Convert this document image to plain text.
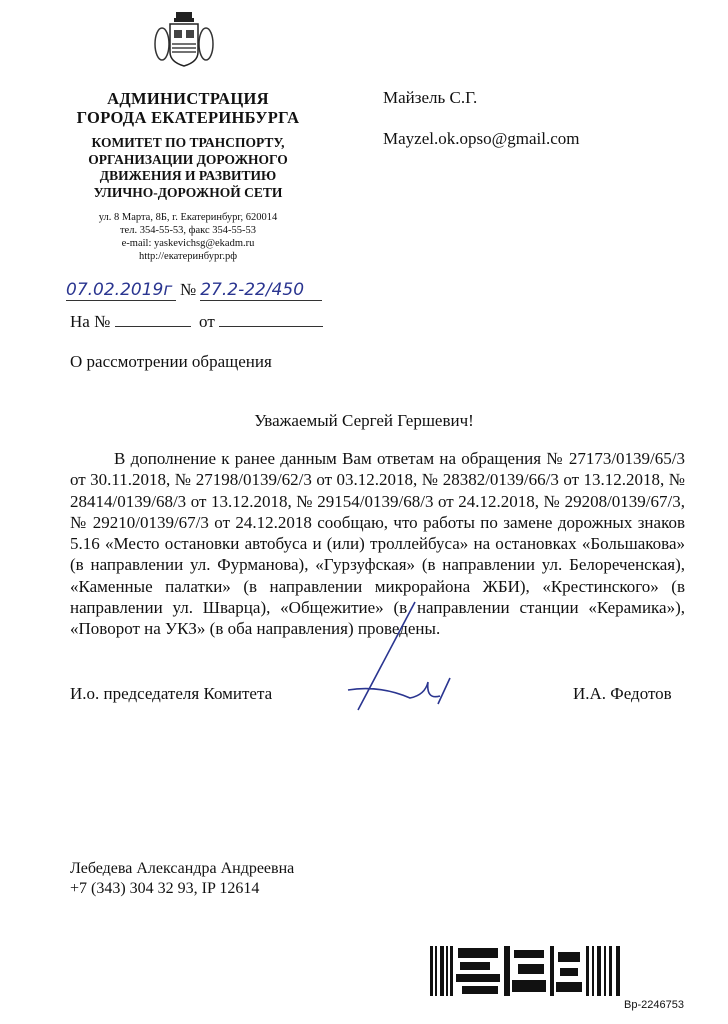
АДМИНИСТРАЦИЯ
ГОРОДА ЕКАТЕРИНБУРГА
КОМИТЕТ ПО ТРАНСПОРТУ,
ОРГАНИЗАЦИИ ДОРОЖНОГО
ДВИЖЕНИЯ И РАЗВИТИЮ
УЛИЧНО-ДОРОЖНОЙ СЕТИ
ул. 8 Марта, 8Б, г. Екатеринбург, 620014
тел. 354-55-53, факс 354-55-53
e-mail: yaskevichsg@ekadm.ru
http://екатеринбург.рф
07.02.2019г № 27.2-22/450
На №	от
Майзель С.Г.
Mayzel.ok.opso@gmail.com
О рассмотрении обращения
Уважаемый Сергей Гершевич!
В дополнение к ранее данным Вам ответам на обращения № 27173/0139/65/3 от 30.11.2018, № 27198/0139/62/3 от 03.12.2018, № 28382/0139/66/3 от 13.12.2018, № 28414/0139/68/3 от 13.12.2018, № 29154/0139/68/3 от 24.12.2018, № 29208/0139/67/3, № 29210/0139/67/3 от 24.12.2018 сообщаю, что работы по замене дорожных знаков 5.16 «Место остановки автобуса и (или) троллейбуса» на остановках «Большакова» (в направлении ул. Фурманова), «Гурзуфская» (в направлении ул. Белореченская), «Каменные палатки» (в направлении микрорайона ЖБИ), «Крестинского» (в направлении ул. Шварца), «Общежитие» (в направлении станции «Керамика»), «Поворот на УКЗ» (в оба направления) проведены.
И.о. председателя Комитета	И.А. Федотов
Лебедева Александра Андреевна
+7 (343) 304 32 93, IP 12614
Вр-2246753
